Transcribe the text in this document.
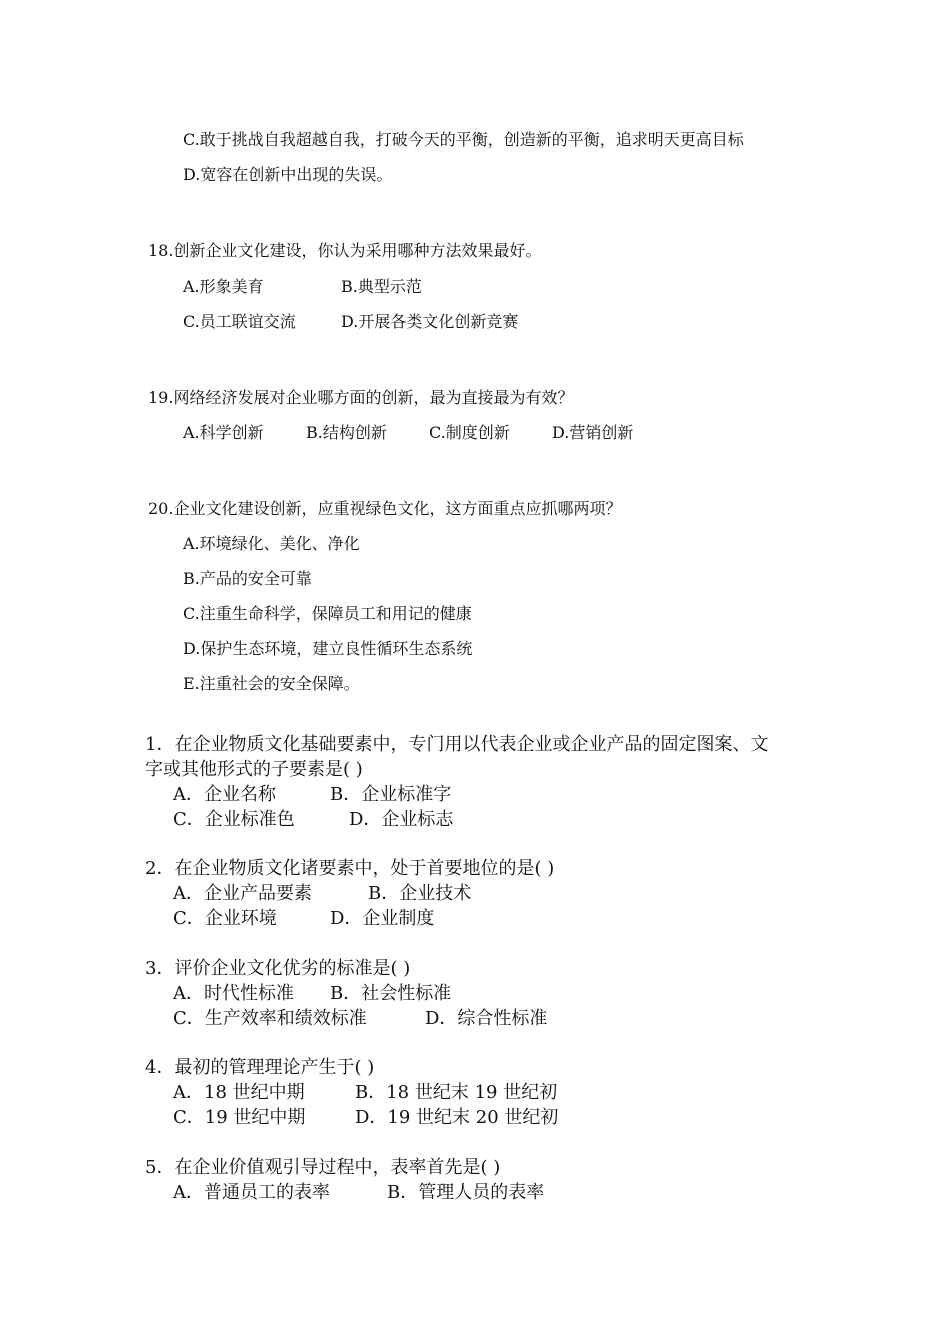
C.敢于挑战自我超越自我，打破今天的平衡，创造新的平衡，追求明天更高目标
D.宽容在创新中出现的失误。
18.创新企业文化建设，你认为采用哪种方法效果最好。
A.形象美育	B.典型示范
C.员工联谊交流	D.开展各类文化创新竞赛
19.网络经济发展对企业哪方面的创新，最为直接最为有效？
A.科学创新	B.结构创新	C.制度创新	D.营销创新
20.企业文化建设创新，应重视绿色文化，这方面重点应抓哪两项？
A.环境绿化、美化、净化
B.产品的安全可靠
C.注重生命科学，保障员工和用记的健康
D.保护生态环境，建立良性循环生态系统
E.注重社会的安全保障。
1．在企业物质文化基础要素中，专门用以代表企业或企业产品的固定图案、文
字或其他形式的子要素是( )
A．企业名称	B．企业标准字
C．企业标准色	D．企业标志
2．在企业物质文化诸要素中，处于首要地位的是( )
A．企业产品要素	B．企业技术
C．企业环境	D．企业制度
3．评价企业文化优劣的标准是( )
A．时代性标准 B．社会性标准
C．生产效率和绩效标准	D．综合性标准
4．最初的管理理论产生于( )
A．18 世纪中期	B．18 世纪末 19 世纪初
C．19 世纪中期	D．19 世纪末 20 世纪初
5．在企业价值观引导过程中，表率首先是( )
A．普通员工的表率	B．管理人员的表率
